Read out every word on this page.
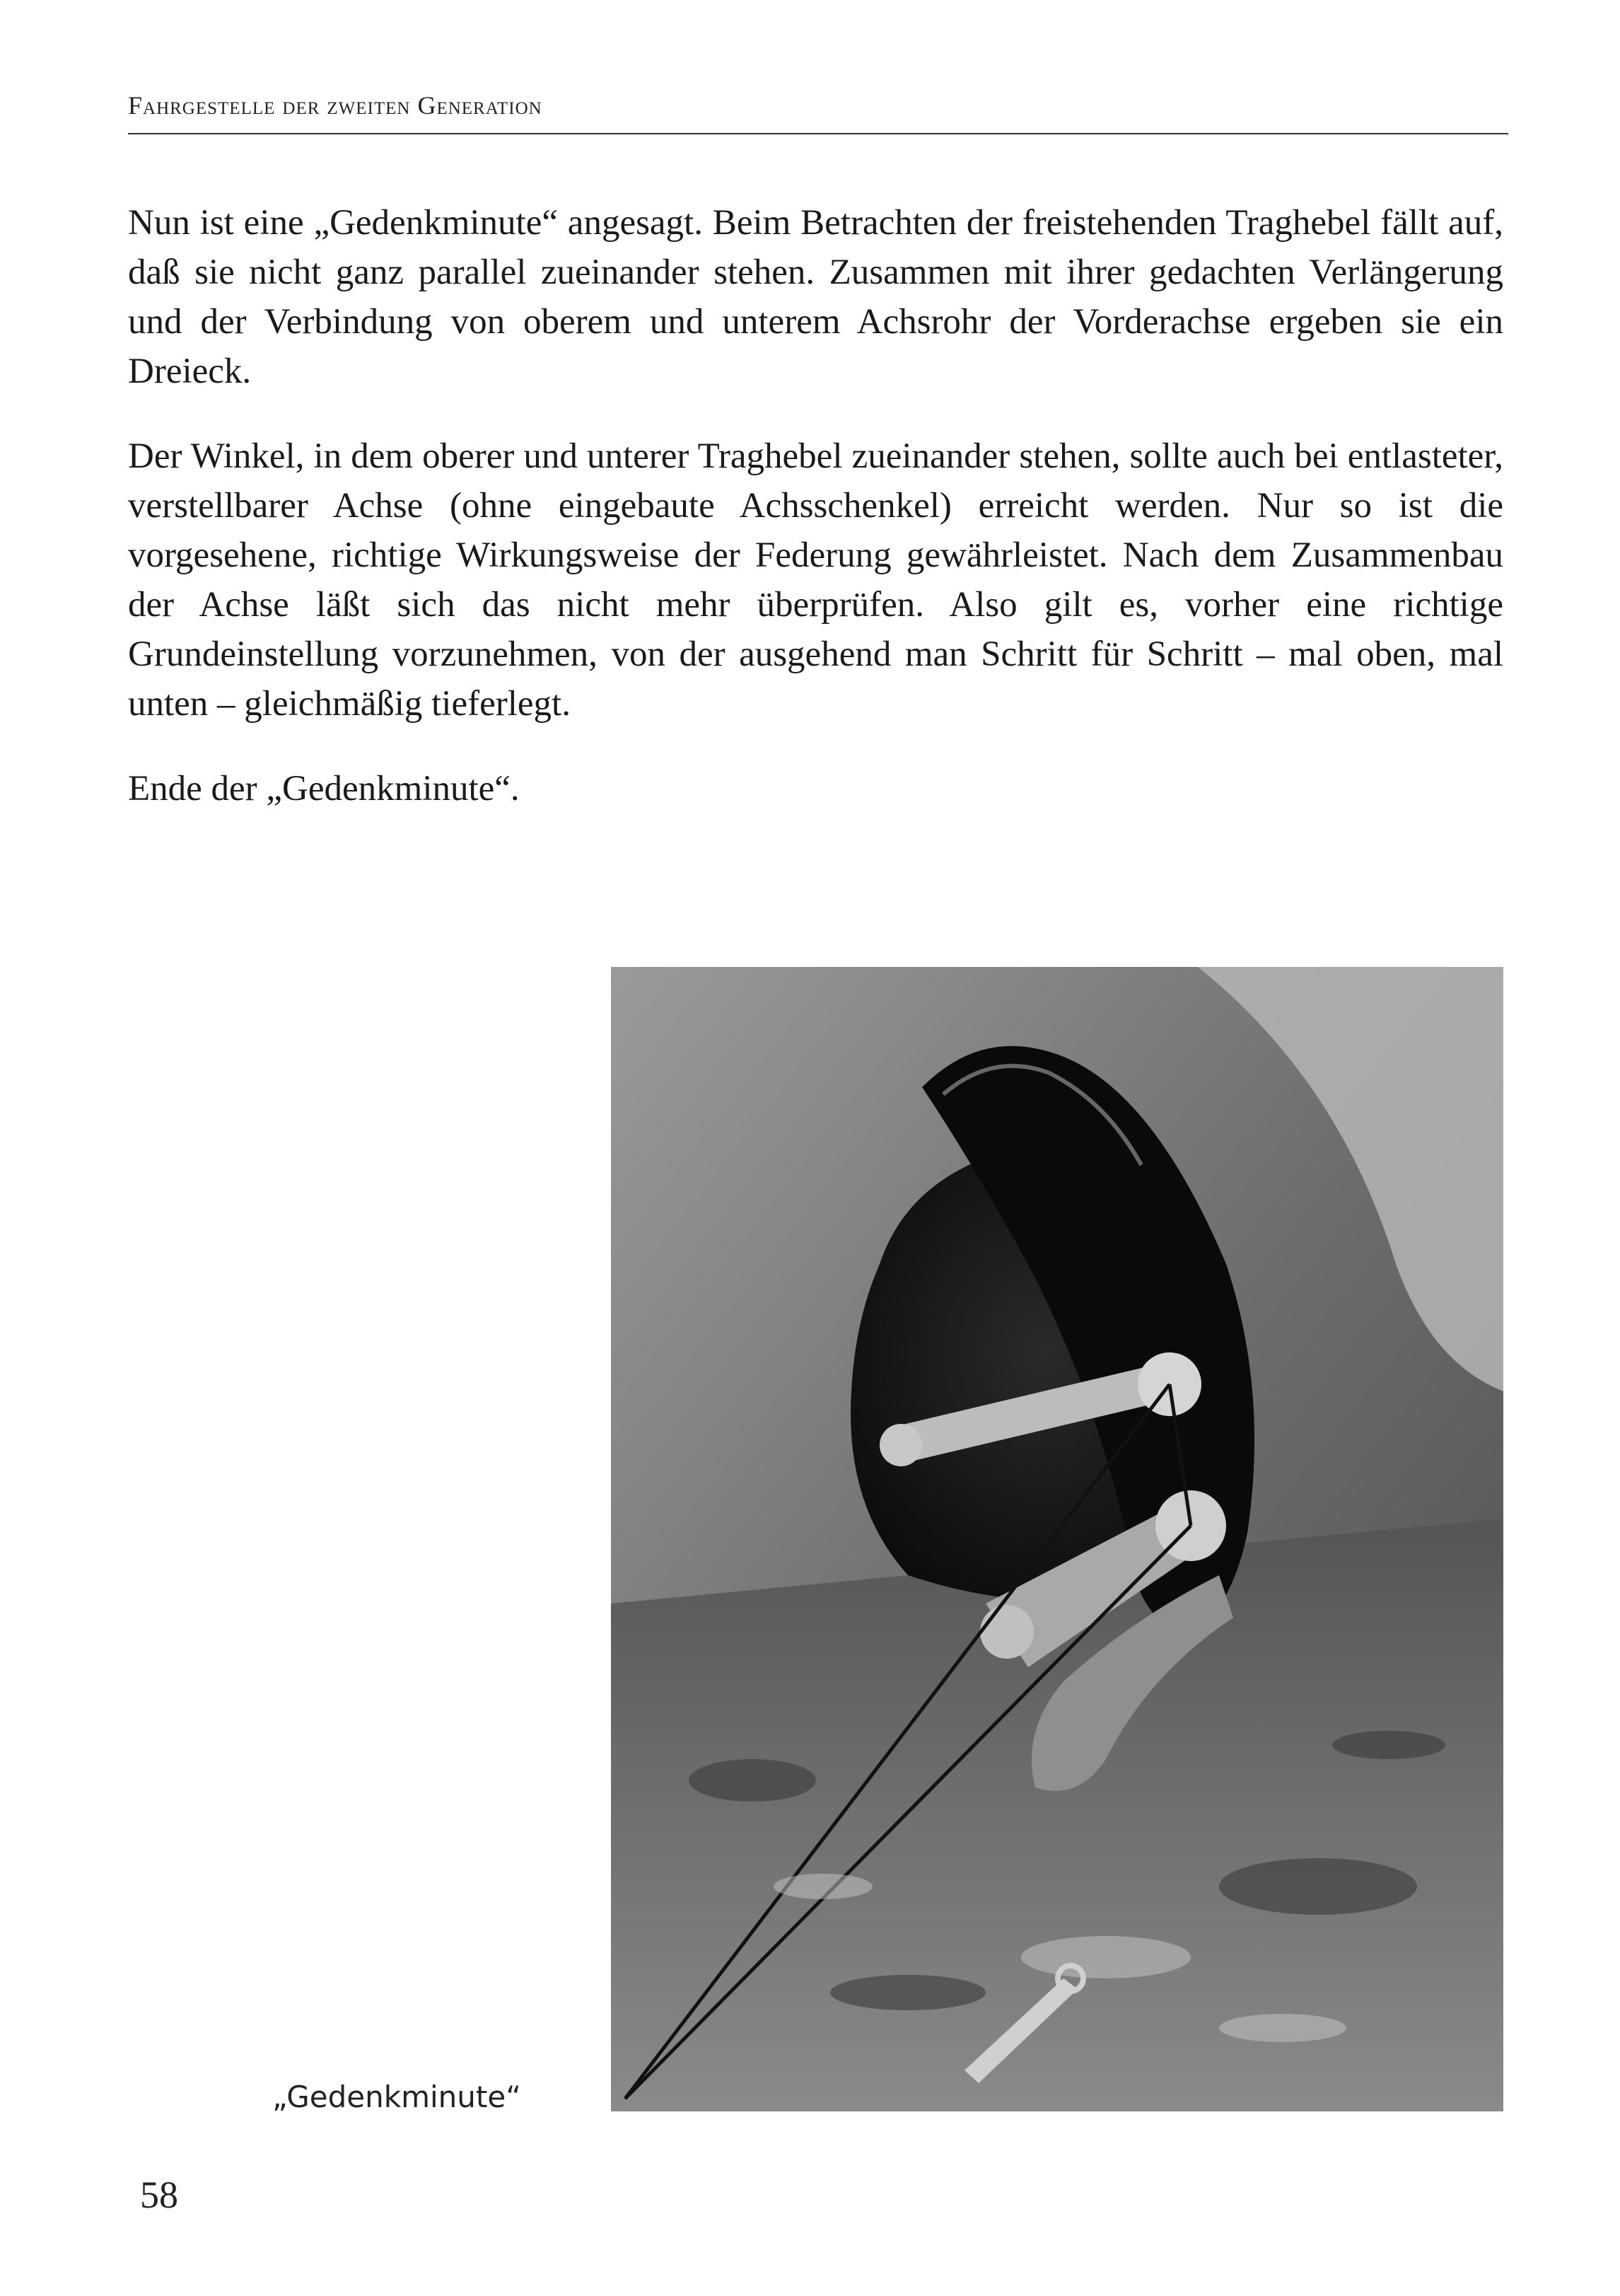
Fahrgestelle der zweiten Generation

Nun ist eine „Gedenkminute“ angesagt. Beim Betrachten der freistehenden Traghebel fällt auf, daß sie nicht ganz parallel zueinander stehen. Zusammen mit ihrer gedachten Verlängerung und der Verbindung von oberem und unterem Achsrohr der Vorderachse ergeben sie ein Dreieck.

Der Winkel, in dem oberer und unterer Traghebel zueinander stehen, sollte auch bei entlasteter, verstellbarer Achse (ohne eingebaute Achsschenkel) erreicht werden. Nur so ist die vorgesehene, richtige Wirkungsweise der Federung gewährleistet. Nach dem Zusammenbau der Achse läßt sich das nicht mehr überprüfen. Also gilt es, vorher eine richtige Grundeinstellung vorzunehmen, von der ausgehend man Schritt für Schritt – mal oben, mal unten – gleichmäßig tieferlegt.

Ende der „Gedenkminute“.

„Gedenkminute“
58
